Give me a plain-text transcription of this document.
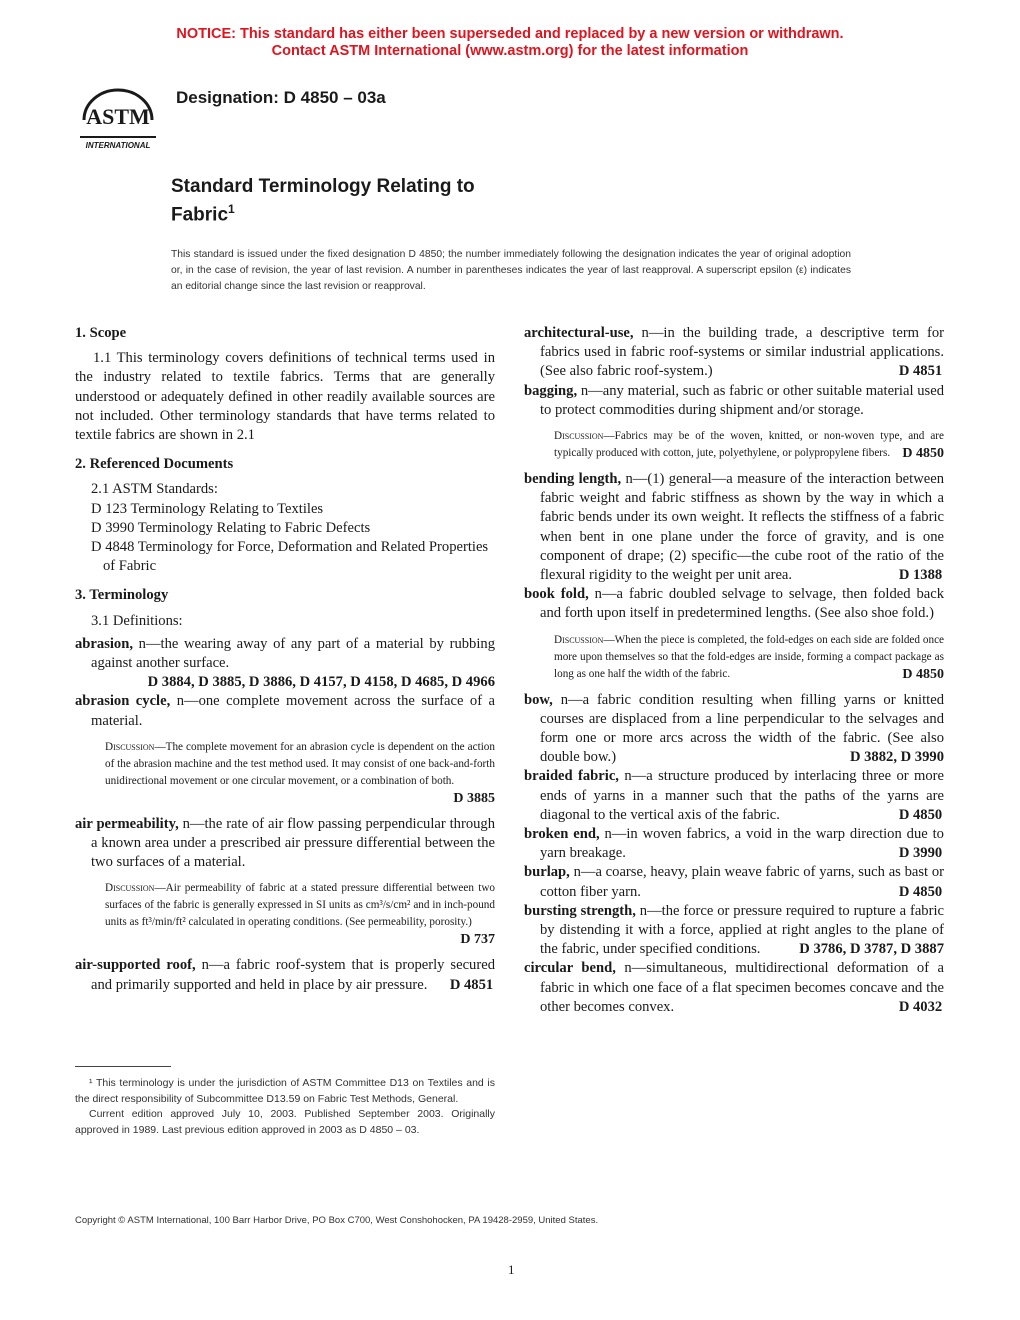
NOTICE: This standard has either been superseded and replaced by a new version or withdrawn.
Contact ASTM International (www.astm.org) for the latest information
ASTM
INTERNATIONAL
Designation: D 4850 – 03a
Standard Terminology Relating to
Fabric$^1$
This standard is issued under the fixed designation D 4850; the number immediately following the designation indicates the year of original adoption or, in the case of revision, the year of last revision. A number in parentheses indicates the year of last reapproval. A superscript epsilon (ε) indicates an editorial change since the last revision or reapproval.
1. Scope
1.1 This terminology covers definitions of technical terms used in the industry related to textile fabrics. Terms that are generally understood or adequately defined in other readily available sources are not included. Other terminology standards that have terms related to textile fabrics are shown in 2.1
2. Referenced Documents
2.1 ASTM Standards:
D 123 Terminology Relating to Textiles
D 3990 Terminology Relating to Fabric Defects
D 4848 Terminology for Force, Deformation and Related Properties of Fabric
3. Terminology
3.1 Definitions:
abrasion, n—the wearing away of any part of a material by rubbing against another surface.
D 3884, D 3885, D 3886, D 4157, D 4158, D 4685, D 4966
abrasion cycle, n—one complete movement across the surface of a material.
Discussion—The complete movement for an abrasion cycle is dependent on the action of the abrasion machine and the test method used. It may consist of one back-and-forth unidirectional movement or one circular movement, or a combination of both.
D 3885
air permeability, n—the rate of air flow passing perpendicular through a known area under a prescribed air pressure differential between the two surfaces of a material.
Discussion—Air permeability of fabric at a stated pressure differential between two surfaces of the fabric is generally expressed in SI units as cm³/s/cm² and in inch-pound units as ft³/min/ft² calculated in operating conditions. (See permeability, porosity.)
D 737
air-supported roof, n—a fabric roof-system that is properly secured and primarily supported and held in place by air pressure. D 4851
architectural-use, n—in the building trade, a descriptive term for fabrics used in fabric roof-systems or similar industrial applications. (See also fabric roof-system.)	D 4851
bagging, n—any material, such as fabric or other suitable material used to protect commodities during shipment and/or storage.
Discussion—Fabrics may be of the woven, knitted, or non-woven type, and are typically produced with cotton, jute, polyethylene, or polypropylene fibers. D 4850
bending length, n—(1) general—a measure of the interaction between fabric weight and fabric stiffness as shown by the way in which a fabric bends under its own weight. It reflects the stiffness of a fabric when bent in one plane under the force of gravity, and is one component of drape; (2) specific—the cube root of the ratio of the flexural rigidity to the weight per unit area.	D 1388
book fold, n—a fabric doubled selvage to selvage, then folded back and forth upon itself in predetermined lengths. (See also shoe fold.)
Discussion—When the piece is completed, the fold-edges on each side are folded once more upon themselves so that the fold-edges are inside, forming a compact package as long as one half the width of the fabric.	D 4850
bow, n—a fabric condition resulting when filling yarns or knitted courses are displaced from a line perpendicular to the selvages and form one or more arcs across the width of the fabric. (See also double bow.)	D 3882, D 3990
braided fabric, n—a structure produced by interlacing three or more ends of yarns in a manner such that the paths of the yarns are diagonal to the vertical axis of the fabric.	D 4850
broken end, n—in woven fabrics, a void in the warp direction due to yarn breakage.	D 3990
burlap, n—a coarse, heavy, plain weave fabric of yarns, such as bast or cotton fiber yarn.	D 4850
bursting strength, n—the force or pressure required to rupture a fabric by distending it with a force, applied at right angles to the plane of the fabric, under specified conditions.	D 3786, D 3787, D 3887
circular bend, n—simultaneous, multidirectional deformation of a fabric in which one face of a flat specimen becomes concave and the other becomes convex.	D 4032

¹ This terminology is under the jurisdiction of ASTM Committee D13 on Textiles and is the direct responsibility of Subcommittee D13.59 on Fabric Test Methods, General.

Current edition approved July 10, 2003. Published September 2003. Originally approved in 1989. Last previous edition approved in 2003 as D 4850 – 03.

Copyright © ASTM International, 100 Barr Harbor Drive, PO Box C700, West Conshohocken, PA 19428-2959, United States.
1
